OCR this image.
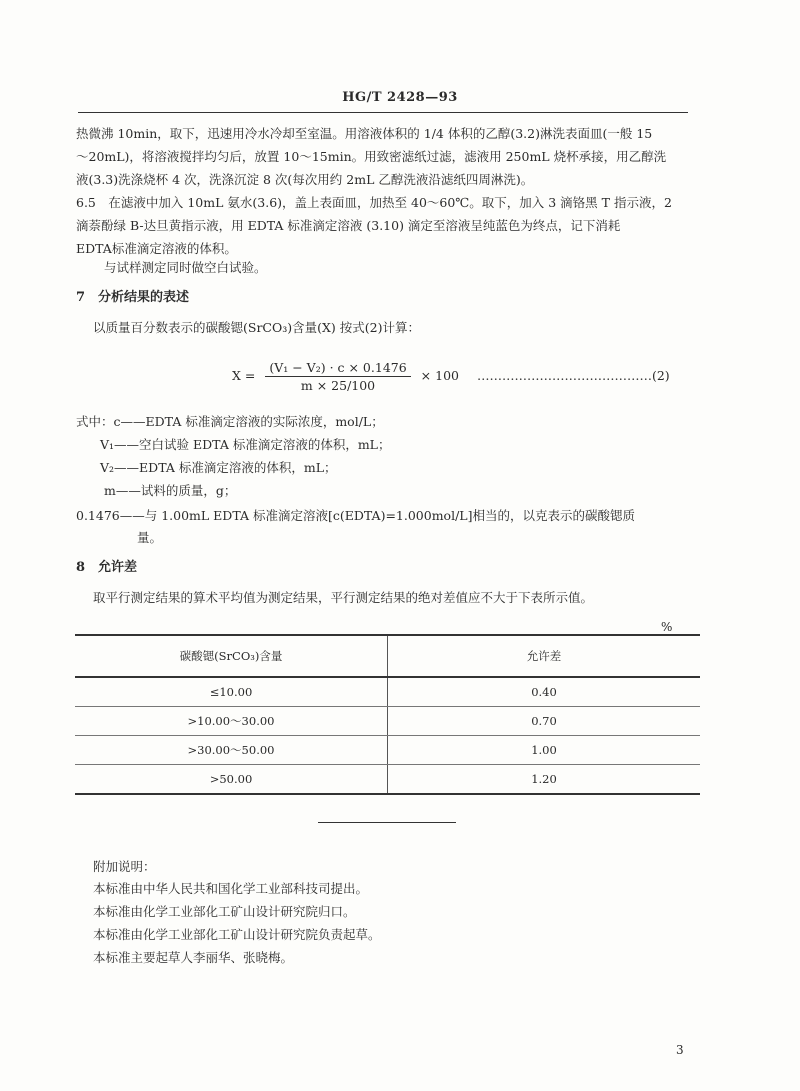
HG/T 2428—93
热微沸 10min，取下，迅速用冷水冷却至室温。用溶液体积的 1/4 体积的乙醇(3.2)淋洗表面皿(一般 15
～20mL)，将溶液搅拌均匀后，放置 10～15min。用致密滤纸过滤，滤液用 250mL 烧杯承接，用乙醇洗
液(3.3)洗涤烧杯 4 次，洗涤沉淀 8 次(每次用约 2mL 乙醇洗液沿滤纸四周淋洗)。
6.5　在滤液中加入 10mL 氨水(3.6)，盖上表面皿，加热至 40～60℃。取下，加入 3 滴铬黑 T 指示液，2
滴萘酚绿 B-达旦黄指示液，用 EDTA 标准滴定溶液 (3.10) 滴定至溶液呈纯蓝色为终点，记下消耗
EDTA标准滴定溶液的体积。
与试样测定同时做空白试验。
7　分析结果的表述
以质量百分数表示的碳酸锶(SrCO₃)含量(X) 按式(2)计算：
$X = \frac{\text{(V₁ − V₂) · c × 0.1476}}{m \times 25/100} \times 100$ ……………………………………(2)
式中：c——EDTA 标准滴定溶液的实际浓度，mol/L；
V₁——空白试验 EDTA 标准滴定溶液的体积，mL；
V₂——EDTA 标准滴定溶液的体积，mL；
m——试料的质量，g；
0.1476——与 1.00mL EDTA 标准滴定溶液[c(EDTA)=1.000mol/L]相当的，以克表示的碳酸锶质
量。
8　允许差
取平行测定结果的算术平均值为测定结果，平行测定结果的绝对差值应不大于下表所示值。
%
碳酸锶(SrCO₃)含量	允许差
≤10.00	0.40
>10.00～30.00	0.70
>30.00～50.00	1.00
>50.00	1.20
附加说明：
本标准由中华人民共和国化学工业部科技司提出。
本标准由化学工业部化工矿山设计研究院归口。
本标准由化学工业部化工矿山设计研究院负责起草。
本标准主要起草人李丽华、张晓梅。
3
